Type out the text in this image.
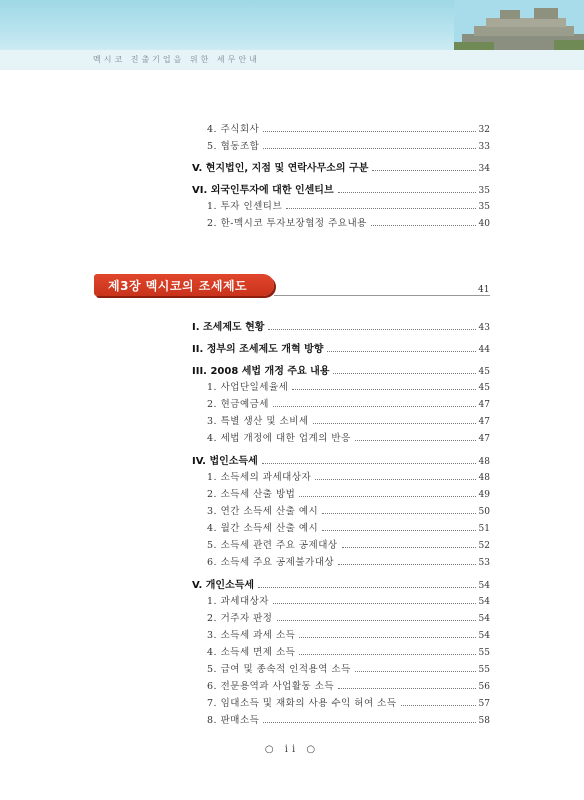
멕시코 진출기업을 위한 세무안내
4. 주식회사	32
5. 협동조합	33
V. 현지법인, 지점 및 연락사무소의 구분	34
VI. 외국인투자에 대한 인센티브	35
1. 투자 인센티브	35
2. 한-멕시코 투자보장협정 주요내용	40
제3장 멕시코의 조세제도	41
I. 조세제도 현황	43
II. 정부의 조세제도 개혁 방향	44
III. 2008 세법 개정 주요 내용	45
1. 사업단일세율세	45
2. 현금예금세	47
3. 특별 생산 및 소비세	47
4. 세법 개정에 대한 업계의 반응	47
IV. 법인소득세	48
1. 소득세의 과세대상자	48
2. 소득세 산출 방법	49
3. 연간 소득세 산출 예시	50
4. 월간 소득세 산출 예시	51
5. 소득세 관련 주요 공제대상	52
6. 소득세 주요 공제불가대상	53
V. 개인소득세	54
1. 과세대상자	54
2. 거주자 판정	54
3. 소득세 과세 소득	54
4. 소득세 면제 소득	55
5. 급여 및 종속적 인적용역 소득	55
6. 전문용역과 사업활동 소득	56
7. 임대소득 및 재화의 사용 수익 허여 소득	57
8. 판매소득	58
○ ii ○
